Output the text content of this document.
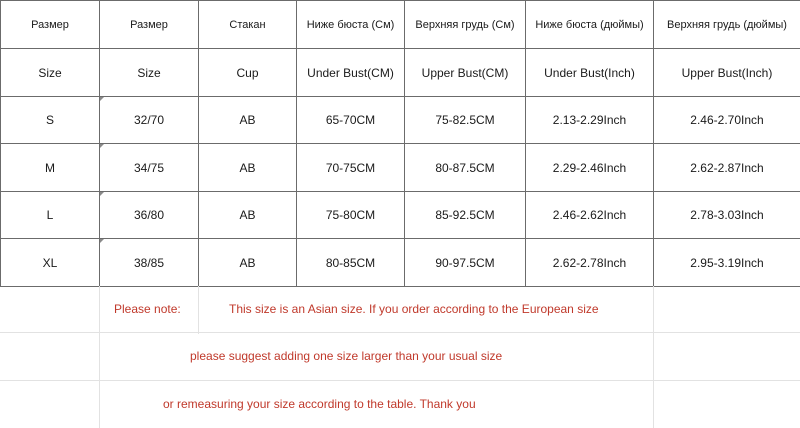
Размер	Размер	Стакан	Ниже бюста (См)	Верхняя грудь (См)	Ниже бюста (дюймы)	Верхняя грудь (дюймы)
Size	Size	Cup	Under Bust(CM)	Upper Bust(CM)	Under Bust(Inch)	Upper Bust(Inch)
S	32/70	AB	65-70CM	75-82.5CM	2.13-2.29Inch	2.46-2.70Inch
M	34/75	AB	70-75CM	80-87.5CM	2.29-2.46Inch	2.62-2.87Inch
L	36/80	AB	75-80CM	85-92.5CM	2.46-2.62Inch	2.78-3.03Inch
XL	38/85	AB	80-85CM	90-97.5CM	2.62-2.78Inch	2.95-3.19Inch
Please note:	This size is an Asian size. If you order according to the European size
please suggest adding one size larger than your usual size
or remeasuring your size according to the table. Thank you
